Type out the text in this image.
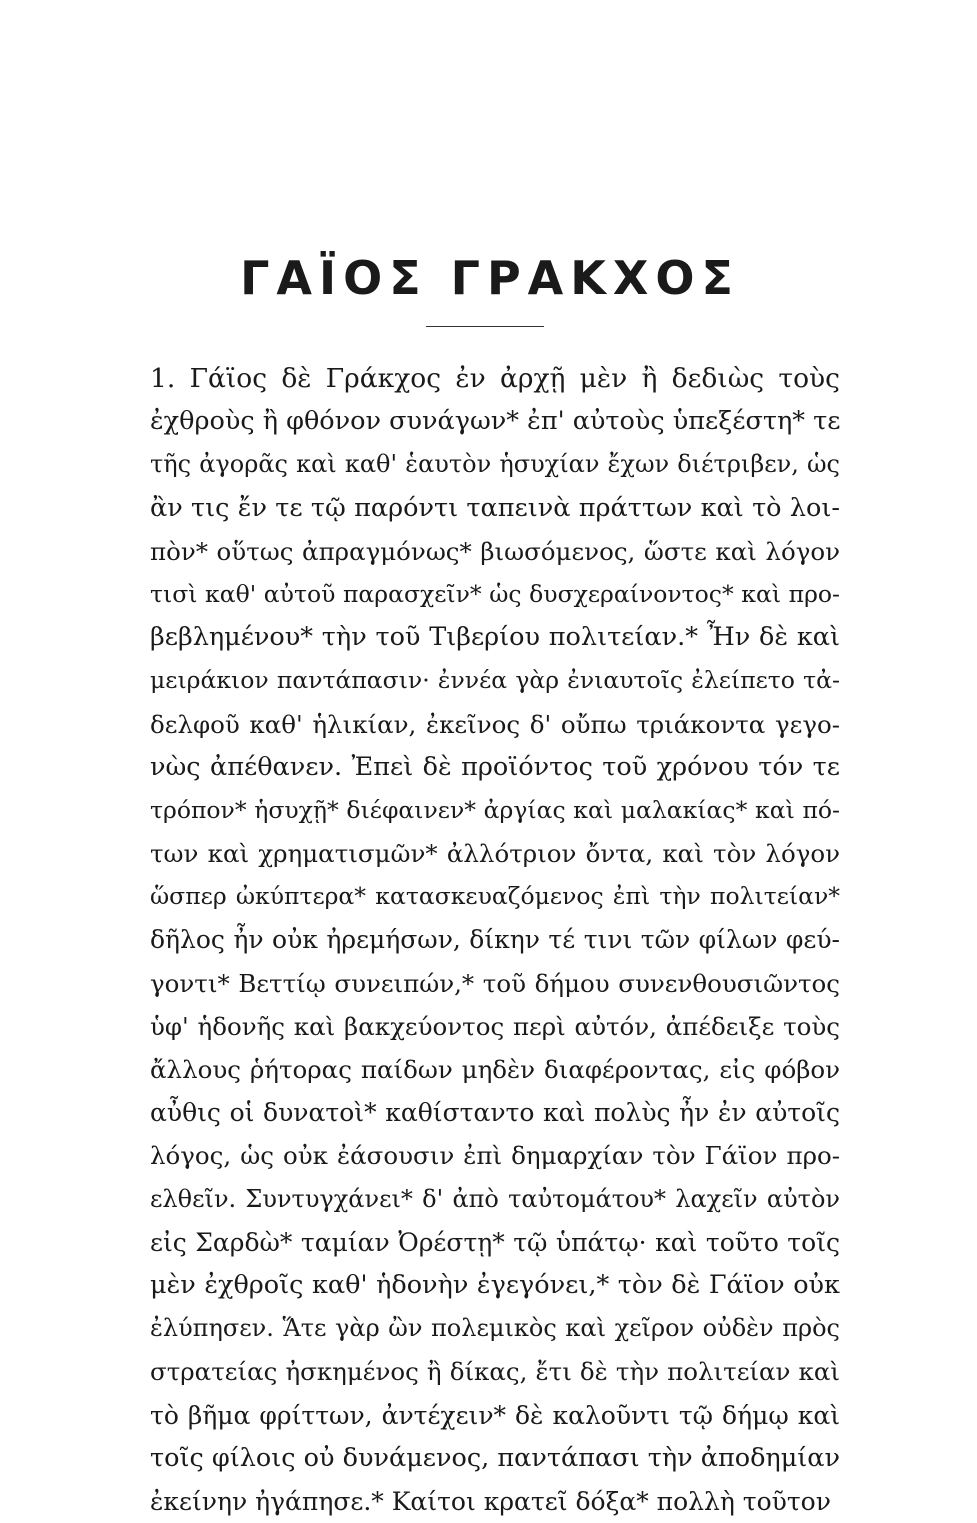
ΓΑΪΟΣ ΓΡΑΚΧΟΣ
1. Γάϊος δὲ Γράκχος ἐν ἀρχῇ μὲν ἢ δεδιὼς τοὺς
ἐχθροὺς ἢ φθόνον συνάγων* ἐπ' αὐτοὺς ὑπεξέστη* τε
τῆς ἀγορᾶς καὶ καθ' ἑαυτὸν ἡσυχίαν ἔχων διέτριβεν, ὡς
ἂν τις ἔν τε τῷ παρόντι ταπεινὰ πράττων καὶ τὸ λοι-
πὸν* οὕτως ἀπραγμόνως* βιωσόμενος, ὥστε καὶ λόγον
τισὶ καθ' αὐτοῦ παρασχεῖν* ὡς δυσχεραίνοντος* καὶ προ-
βεβλημένου* τὴν τοῦ Τιβερίου πολιτείαν.* Ἦν δὲ καὶ
μειράκιον παντάπασιν· ἐννέα γὰρ ἐνιαυτοῖς ἐλείπετο τἀ-
δελφοῦ καθ' ἡλικίαν, ἐκεῖνος δ' οὔπω τριάκοντα γεγο-
νὼς ἀπέθανεν. Ἐπεὶ δὲ προϊόντος τοῦ χρόνου τόν τε
τρόπον* ἡσυχῇ* διέφαινεν* ἀργίας καὶ μαλακίας* καὶ πό-
των καὶ χρηματισμῶν* ἀλλότριον ὄντα, καὶ τὸν λόγον
ὥσπερ ὠκύπτερα* κατασκευαζόμενος ἐπὶ τὴν πολιτείαν*
δῆλος ἦν οὐκ ἠρεμήσων, δίκην τέ τινι τῶν φίλων φεύ-
γοντι* Βεττίῳ συνειπών,* τοῦ δήμου συνενθουσιῶντος
ὑφ' ἡδονῆς καὶ βακχεύοντος περὶ αὐτόν, ἀπέδειξε τοὺς
ἄλλους ῥήτορας παίδων μηδὲν διαφέροντας, εἰς φόβον
αὖθις οἱ δυνατοὶ* καθίσταντο καὶ πολὺς ἦν ἐν αὐτοῖς
λόγος, ὡς οὐκ ἐάσουσιν ἐπὶ δημαρχίαν τὸν Γάϊον προ-
ελθεῖν. Συντυγχάνει* δ' ἀπὸ ταὐτομάτου* λαχεῖν αὐτὸν
εἰς Σαρδὼ* ταμίαν Ὀρέστῃ* τῷ ὑπάτῳ· καὶ τοῦτο τοῖς
μὲν ἐχθροῖς καθ' ἡδονὴν ἐγεγόνει,* τὸν δὲ Γάϊον οὐκ
ἐλύπησεν. Ἅτε γὰρ ὢν πολεμικὸς καὶ χεῖρον οὐδὲν πρὸς
στρατείας ἠσκημένος ἢ δίκας, ἔτι δὲ τὴν πολιτείαν καὶ
τὸ βῆμα φρίττων, ἀντέχειν* δὲ καλοῦντι τῷ δήμῳ καὶ
τοῖς φίλοις οὐ δυνάμενος, παντάπασι τὴν ἀποδημίαν
ἐκείνην ἠγάπησε.* Καίτοι κρατεῖ δόξα* πολλὴ τοῦτον
